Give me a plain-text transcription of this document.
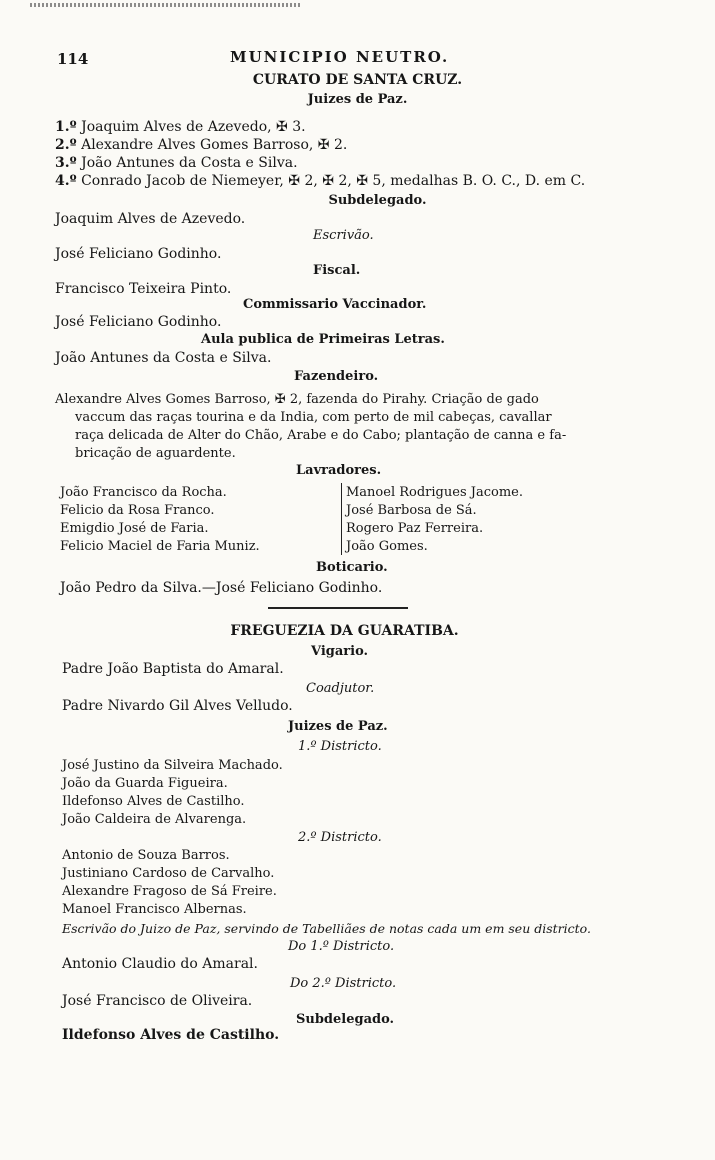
114	MUNICIPIO NEUTRO.
CURATO DE SANTA CRUZ.
Juizes de Paz.
1.º Joaquim Alves de Azevedo, ✠ 3.
2.º Alexandre Alves Gomes Barroso, ✠ 2.
3.º João Antunes da Costa e Silva.
4.º Conrado Jacob de Niemeyer, ✠ 2, ✠ 2, ✠ 5, medalhas B. O. C., D. em C.
Subdelegado.
Joaquim Alves de Azevedo.
Escrivão.
José Feliciano Godinho.
Fiscal.
Francisco Teixeira Pinto.
Commissario Vaccinador.
José Feliciano Godinho.
Aula publica de Primeiras Letras.
João Antunes da Costa e Silva.
Fazendeiro.
Alexandre Alves Gomes Barroso, ✠ 2, fazenda do Pirahy. Criação de gado
vaccum das raças tourina e da India, com perto de mil cabeças, cavallar
raça delicada de Alter do Chão, Arabe e do Cabo; plantação de canna e fa-
bricação de aguardente.
Lavradores.
João Francisco da Rocha.
Felicio da Rosa Franco.
Emigdio José de Faria.
Felicio Maciel de Faria Muniz.
Manoel Rodrigues Jacome.
José Barbosa de Sá.
Rogero Paz Ferreira.
João Gomes.
Boticario.
João Pedro da Silva.—José Feliciano Godinho.
FREGUEZIA DA GUARATIBA.
Vigario.
Padre João Baptista do Amaral.
Coadjutor.
Padre Nivardo Gil Alves Velludo.
Juizes de Paz.
1.º Districto.
José Justino da Silveira Machado.
João da Guarda Figueira.
Ildefonso Alves de Castilho.
João Caldeira de Alvarenga.
2.º Districto.
Antonio de Souza Barros.
Justiniano Cardoso de Carvalho.
Alexandre Fragoso de Sá Freire.
Manoel Francisco Albernas.
Escrivão do Juizo de Paz, servindo de Tabelliães de notas cada um em seu districto.
Do 1.º Districto.
Antonio Claudio do Amaral.
Do 2.º Districto.
José Francisco de Oliveira.
Subdelegado.
Ildefonso Alves de Castilho.
